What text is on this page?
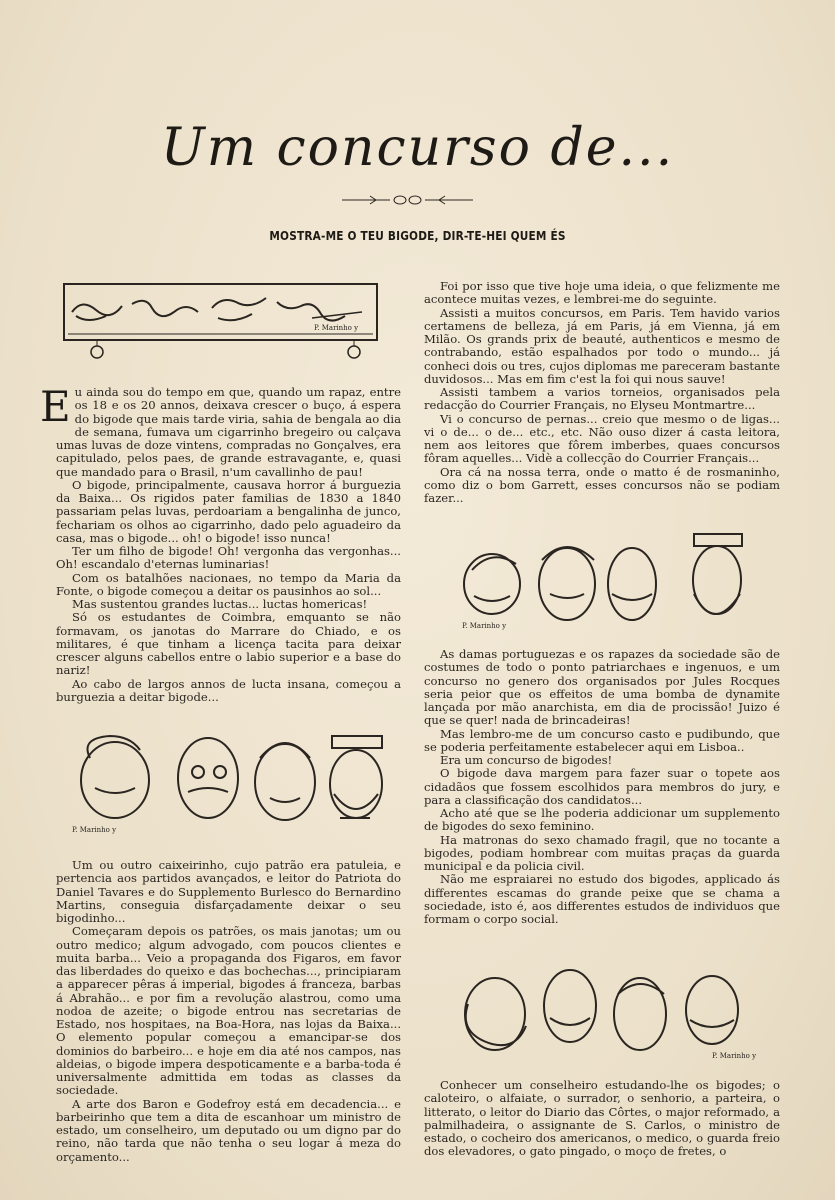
Um concurso de...
MOSTRA-ME O TEU BIGODE, DIR-TE-HEI QUEM ÉS
P. Marinho y

Eu ainda sou do tempo em que, quando um rapaz, entre os 18 e os 20 annos, deixava crescer o buço, á espera do bigode que mais tarde viria, sahia de bengala ao dia de semana, fumava um cigarrinho bregeiro ou calçava umas luvas de doze vintens, compradas no Gonçalves, era capitulado, pelos paes, de grande estravagante, e, quasi que mandado para o Brasil, n'um cavallinho de pau!

O bigode, principalmente, causava horror á burguezia da Baixa... Os rigidos pater familias de 1830 a 1840 passariam pelas luvas, perdoariam a bengalinha de junco, fechariam os olhos ao cigarrinho, dado pelo aguadeiro da casa, mas o bigode... oh! o bigode! isso nunca!

Ter um filho de bigode! Oh! vergonha das vergonhas... Oh! escandalo d'eternas luminarias!

Com os batalhões nacionaes, no tempo da Maria da Fonte, o bigode começou a deitar os pausinhos ao sol...

Mas sustentou grandes luctas... luctas homericas!

Só os estudantes de Coimbra, emquanto se não formavam, os janotas do Marrare do Chiado, e os militares, é que tinham a licença tacita para deixar crescer alguns cabellos entre o labio superior e a base do nariz!

Ao cabo de largos annos de lucta insana, começou a burguezia a deitar bigode...

P. Marinho y

Um ou outro caixeirinho, cujo patrão era patuleia, e pertencia aos partidos avançados, e leitor do Patriota do Daniel Tavares e do Supplemento Burlesco do Bernardino Martins, conseguia disfarçadamente deixar o seu bigodinho...

Começaram depois os patrões, os mais janotas; um ou outro medico; algum advogado, com poucos clientes e muita barba... Veio a propaganda dos Figaros, em favor das liberdades do queixo e das bochechas..., principiaram a apparecer pêras á imperial, bigodes á franceza, barbas á Abrahão... e por fim a revolução alastrou, como uma nodoa de azeite; o bigode entrou nas secretarias de Estado, nos hospitaes, na Boa-Hora, nas lojas da Baixa... O elemento popular começou a emancipar-se dos dominios do barbeiro... e hoje em dia até nos campos, nas aldeias, o bigode impera despoticamente e a barba-toda é universalmente admittida em todas as classes da sociedade.

A arte dos Baron e Godefroy está em decadencia... e barbeirinho que tem a dita de escanhoar um ministro de estado, um conselheiro, um deputado ou um digno par do reino, não tarda que não tenha o seu logar á meza do orçamento...

Foi por isso que tive hoje uma ideia, o que felizmente me acontece muitas vezes, e lembrei-me do seguinte.

Assisti a muitos concursos, em Paris. Tem havido varios certamens de belleza, já em Paris, já em Vienna, já em Milão. Os grands prix de beauté, authenticos e mesmo de contrabando, estão espalhados por todo o mundo... já conheci dois ou tres, cujos diplomas me pareceram bastante duvidosos... Mas em fim c'est la foi qui nous sauve!

Assisti tambem a varios torneios, organisados pela redacção do Courrier Français, no Elyseu Montmartre...

Vi o concurso de pernas... creio que mesmo o de ligas... vi o de... o de... etc., etc. Não ouso dizer á casta leitora, nem aos leitores que fôrem imberbes, quaes concursos fôram aquelles... Vidè a collecção do Courrier Français...

Ora cá na nossa terra, onde o matto é de rosmaninho, como diz o bom Garrett, esses concursos não se podiam fazer...

P. Marinho y

As damas portuguezas e os rapazes da sociedade são de costumes de todo o ponto patriarchaes e ingenuos, e um concurso no genero dos organisados por Jules Rocques seria peior que os effeitos de uma bomba de dynamite lançada por mão anarchista, em dia de procissão! Juizo é que se quer! nada de brincadeiras!

Mas lembro-me de um concurso casto e pudibundo, que se poderia perfeitamente estabelecer aqui em Lisboa..

Era um concurso de bigodes!

O bigode dava margem para fazer suar o topete aos cidadãos que fossem escolhidos para membros do jury, e para a classificação dos candidatos...

Acho até que se lhe poderia addicionar um supplemento de bigodes do sexo feminino.

Ha matronas do sexo chamado fragil, que no tocante a bigodes, podiam hombrear com muitas praças da guarda municipal e da policia civil.

Não me espraiarei no estudo dos bigodes, applicado ás differentes escamas do grande peixe que se chama a sociedade, isto é, aos differentes estudos de individuos que formam o corpo social.

P. Marinho y

Conhecer um conselheiro estudando-lhe os bigodes; o caloteiro, o alfaiate, o surrador, o senhorio, a parteira, o litterato, o leitor do Diario das Côrtes, o major reformado, a palmilhadeira, o assignante de S. Carlos, o ministro de estado, o cocheiro dos americanos, o medico, o guarda freio dos elevadores, o gato pingado, o moço de fretes, o
